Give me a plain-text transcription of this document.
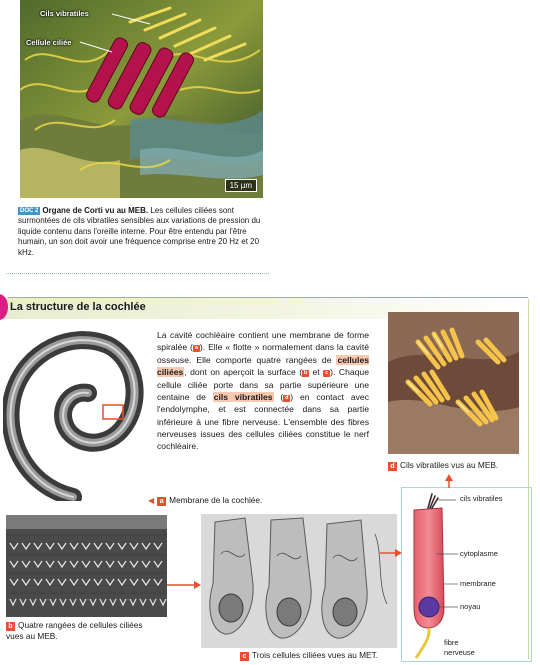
Cils vibratiles
Cellule ciliée
15 µm
DOC 2 Organe de Corti vu au MEB. Les cellules ciliées sont surmontées de cils vibratiles sensibles aux variations de pression du liquide contenu dans l'oreille interne. Pour être entendu par l'être humain, un son doit avoir une fréquence comprise entre 20 Hz et 20 kHz.
La structure de la cochlée
La cavité cochléaire contient une membrane de forme spiralée ( a ). Elle « flotte » normalement dans la cavité osseuse. Elle comporte quatre rangées de cellules ciliées, dont on aperçoit la surface ( b et c ). Chaque cellule ciliée porte dans sa partie supérieure une centaine de cils vibratiles ( d ) en contact avec l'endolymphe, et est connectée dans sa partie inférieure à une fibre nerveuse. L'ensemble des fibres nerveuses issues des cellules ciliées constitue le nerf cochléaire.
d Cils vibratiles vus au MEB.
◀ a Membrane de la cochlée.
b Quatre rangées de cellules ciliées
vues au MEB.
c Trois cellules ciliées vues au MET.
cils vibratiles
cytoplasme
membrane
noyau
fibre
nerveuse
